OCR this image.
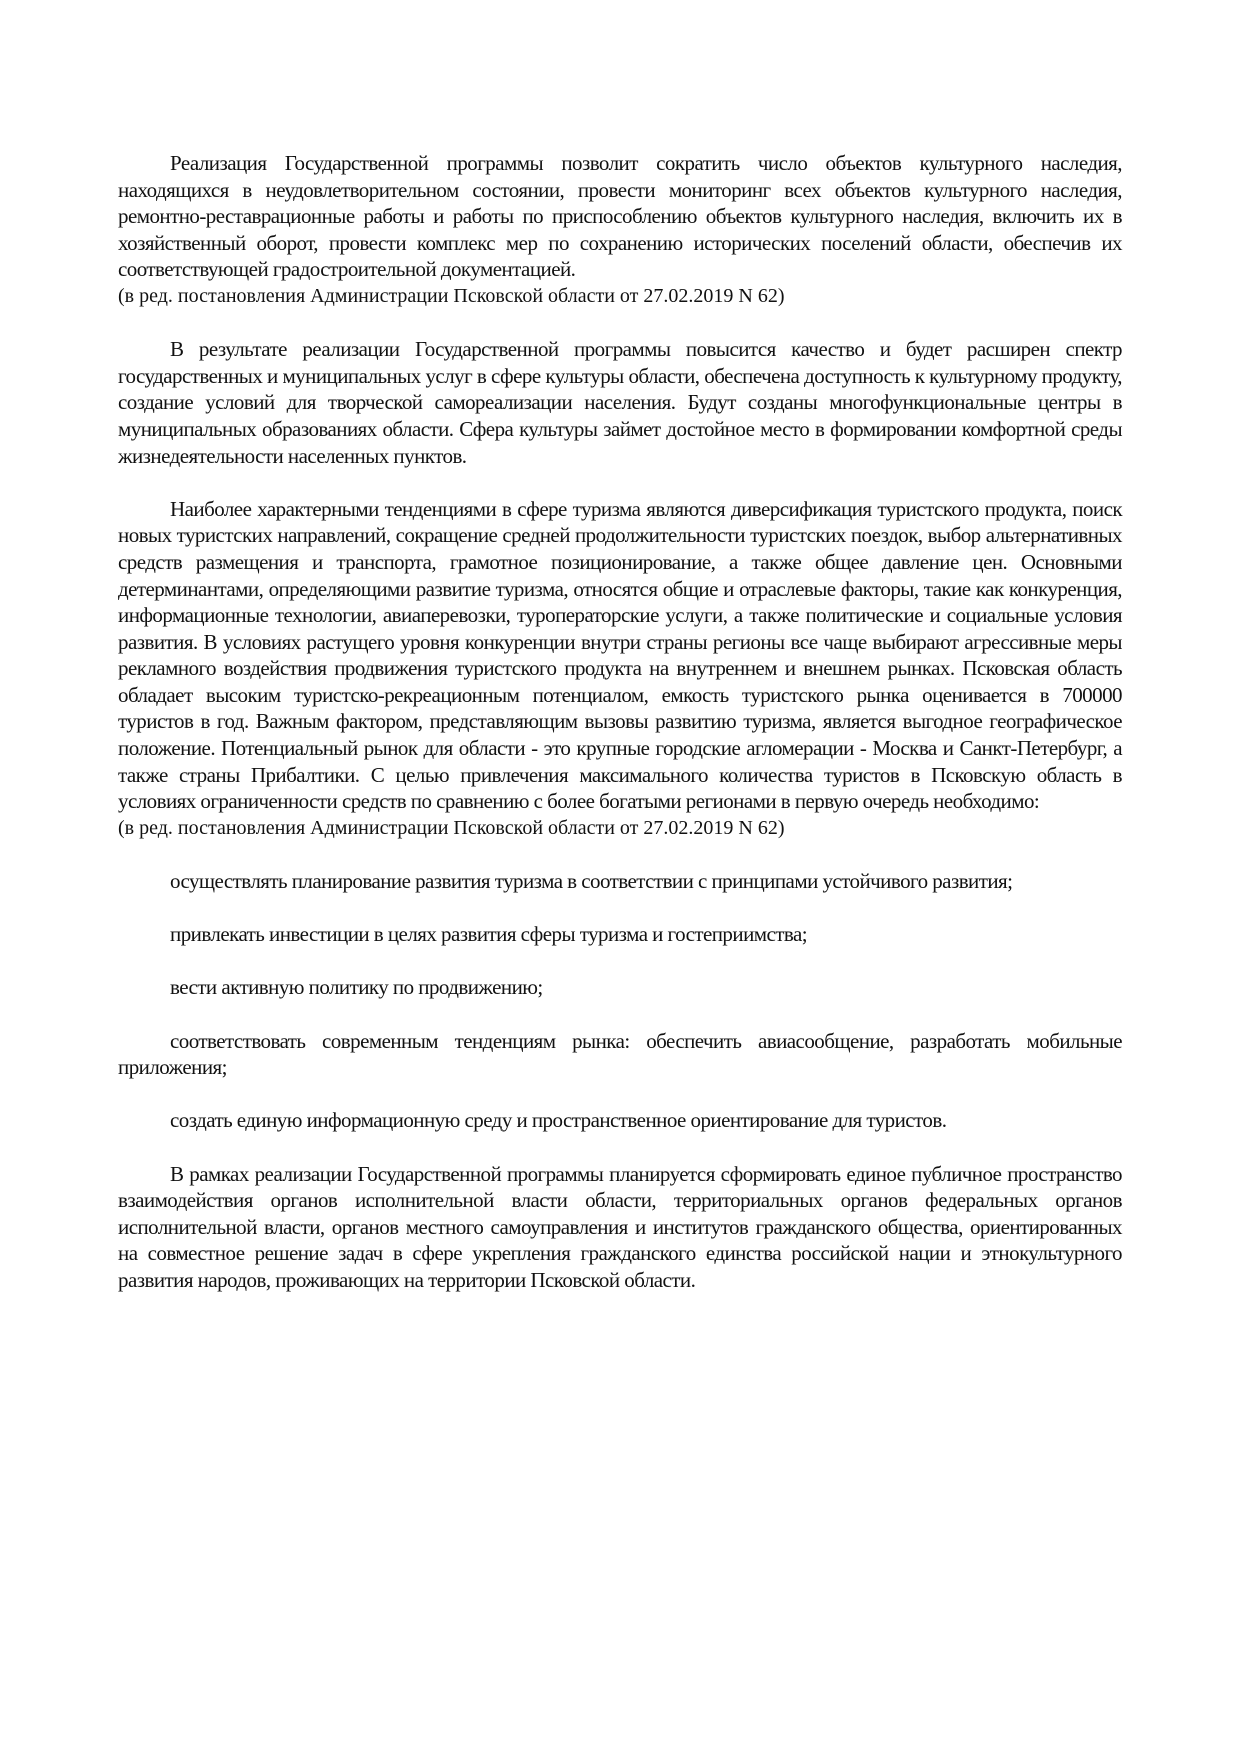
Реализация Государственной программы позволит сократить число объектов культурного наследия, находящихся в неудовлетворительном состоянии, провести мониторинг всех объектов культурного наследия, ремонтно-реставрационные работы и работы по приспособлению объектов культурного наследия, включить их в хозяйственный оборот, провести комплекс мер по сохранению исторических поселений области, обеспечив их соответствующей градостроительной документацией.

(в ред. постановления Администрации Псковской области от 27.02.2019 N 62)

В результате реализации Государственной программы повысится качество и будет расширен спектр государственных и муниципальных услуг в сфере культуры области, обеспечена доступность к культурному продукту, создание условий для творческой самореализации населения. Будут созданы многофункциональные центры в муниципальных образованиях области. Сфера культуры займет достойное место в формировании комфортной среды жизнедеятельности населенных пунктов.

Наиболее характерными тенденциями в сфере туризма являются диверсификация туристского продукта, поиск новых туристских направлений, сокращение средней продолжительности туристских поездок, выбор альтернативных средств размещения и транспорта, грамотное позиционирование, а также общее давление цен. Основными детерминантами, определяющими развитие туризма, относятся общие и отраслевые факторы, такие как конкуренция, информационные технологии, авиаперевозки, туроператорские услуги, а также политические и социальные условия развития. В условиях растущего уровня конкуренции внутри страны регионы все чаще выбирают агрессивные меры рекламного воздействия продвижения туристского продукта на внутреннем и внешнем рынках. Псковская область обладает высоким туристско-рекреационным потенциалом, емкость туристского рынка оценивается в 700000 туристов в год. Важным фактором, представляющим вызовы развитию туризма, является выгодное географическое положение. Потенциальный рынок для области - это крупные городские агломерации - Москва и Санкт-Петербург, а также страны Прибалтики. С целью привлечения максимального количества туристов в Псковскую область в условиях ограниченности средств по сравнению с более богатыми регионами в первую очередь необходимо:

(в ред. постановления Администрации Псковской области от 27.02.2019 N 62)

осуществлять планирование развития туризма в соответствии с принципами устойчивого развития;

привлекать инвестиции в целях развития сферы туризма и гостеприимства;

вести активную политику по продвижению;

соответствовать современным тенденциям рынка: обеспечить авиасообщение, разработать мобильные приложения;

создать единую информационную среду и пространственное ориентирование для туристов.

В рамках реализации Государственной программы планируется сформировать единое публичное пространство взаимодействия органов исполнительной власти области, территориальных органов федеральных органов исполнительной власти, органов местного самоуправления и институтов гражданского общества, ориентированных на совместное решение задач в сфере укрепления гражданского единства российской нации и этнокультурного развития народов, проживающих на территории Псковской области.
